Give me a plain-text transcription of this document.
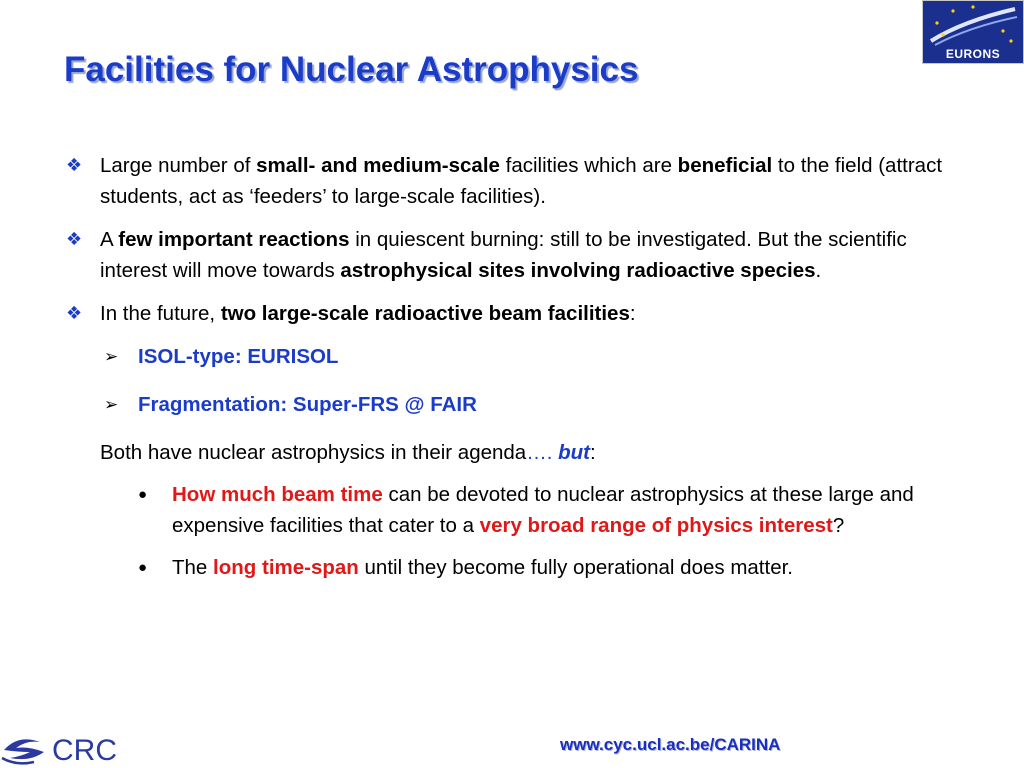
Facilities for Nuclear Astrophysics	EURONS
❖ Large number of small- and medium-scale facilities which are beneficial to the field (attract students, act as ‘feeders’ to large-scale facilities).
❖ A few important reactions in quiescent burning: still to be investigated. But the scientific interest will move towards astrophysical sites involving radioactive species.
❖ In the future, two large-scale radioactive beam facilities:
➢ ISOL-type: EURISOL
➢ Fragmentation: Super-FRS @ FAIR
Both have nuclear astrophysics in their agenda…. but:
● How much beam time can be devoted to nuclear astrophysics at these large and expensive facilities that cater to a very broad range of physics interest?
● The long time-span until they become fully operational does matter.
CRC	www.cyc.ucl.ac.be/CARINA
